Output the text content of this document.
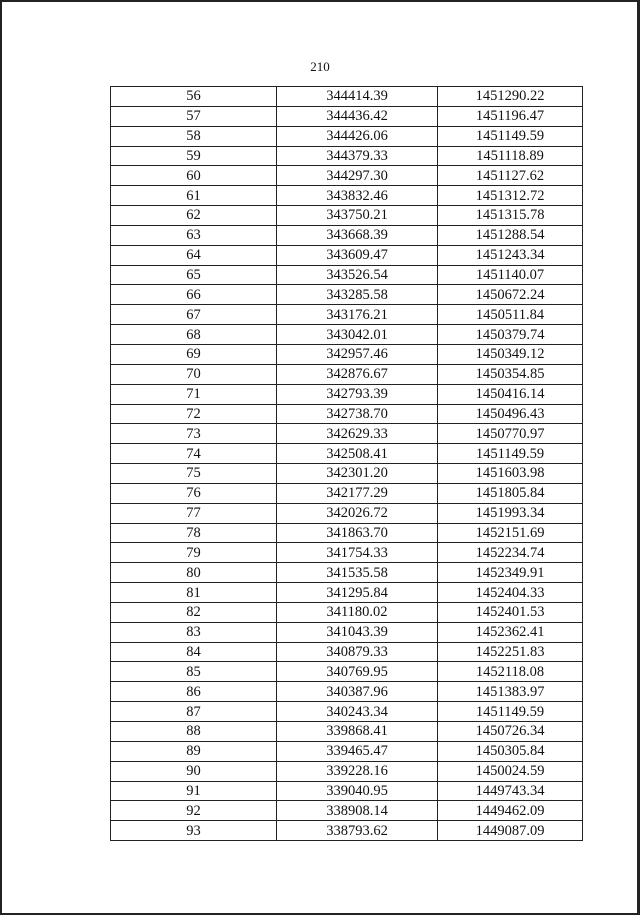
210
56	344414.39	1451290.22
57	344436.42	1451196.47
58	344426.06	1451149.59
59	344379.33	1451118.89
60	344297.30	1451127.62
61	343832.46	1451312.72
62	343750.21	1451315.78
63	343668.39	1451288.54
64	343609.47	1451243.34
65	343526.54	1451140.07
66	343285.58	1450672.24
67	343176.21	1450511.84
68	343042.01	1450379.74
69	342957.46	1450349.12
70	342876.67	1450354.85
71	342793.39	1450416.14
72	342738.70	1450496.43
73	342629.33	1450770.97
74	342508.41	1451149.59
75	342301.20	1451603.98
76	342177.29	1451805.84
77	342026.72	1451993.34
78	341863.70	1452151.69
79	341754.33	1452234.74
80	341535.58	1452349.91
81	341295.84	1452404.33
82	341180.02	1452401.53
83	341043.39	1452362.41
84	340879.33	1452251.83
85	340769.95	1452118.08
86	340387.96	1451383.97
87	340243.34	1451149.59
88	339868.41	1450726.34
89	339465.47	1450305.84
90	339228.16	1450024.59
91	339040.95	1449743.34
92	338908.14	1449462.09
93	338793.62	1449087.09
